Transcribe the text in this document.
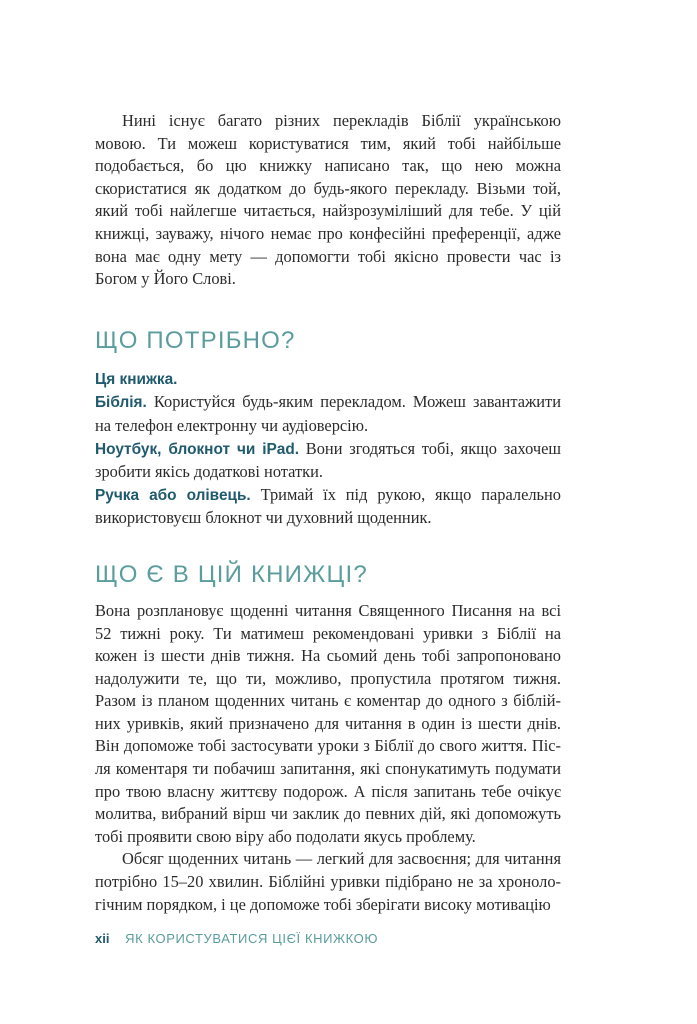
Нині існує багато різних перекладів Біблії українською мовою. Ти можеш користуватися тим, який тобі найбільше подобається, бо цю книжку написано так, що нею можна скористатися як додатком до будь-якого перекладу. Візьми той, який тобі найлегше читається, найзрозуміліший для тебе. У цій книжці, зауважу, нічого немає про конфесійні преференції, адже вона має одну мету — допомогти тобі якісно провести час із Богом у Його Слові.

ЩО ПОТРІБНО?

Ця книжка.

Біблія. Користуйся будь-яким перекладом. Можеш завантажити на телефон електронну чи аудіоверсію.

Ноутбук, блокнот чи iPad. Вони згодяться тобі, якщо захочеш зробити якісь додаткові нотатки.

Ручка або олівець. Тримай їх під рукою, якщо паралельно використовуєш блокнот чи духовний щоденник.

ЩО Є В ЦІЙ КНИЖЦІ?

Вона розплановує щоденні читання Священного Писання на всі 52 тижні року. Ти матимеш рекомендовані уривки з Біблії на кожен із шести днів тижня. На сьомий день тобі запропоновано надолужити те, що ти, можливо, пропустила протягом тижня. Разом із планом щоденних читань є коментар до одного з біблійних уривків, який призначено для читання в один із шести днів. Він допоможе тобі застосувати уроки з Біблії до свого життя. Після коментаря ти побачиш запитання, які спонукатимуть подумати про твою власну життєву подорож. А після запитань тебе очікує молитва, вибраний вірш чи заклик до певних дій, які допоможуть тобі проявити свою віру або подолати якусь проблему.

Обсяг щоденних читань — легкий для засвоєння; для читання потрібно 15–20 хвилин. Біблійні уривки підібрано не за хронологічним порядком, і це допоможе тобі зберігати високу мотивацію

xii ЯК КОРИСТУВАТИСЯ ЦІЄЇ КНИЖКОЮ
